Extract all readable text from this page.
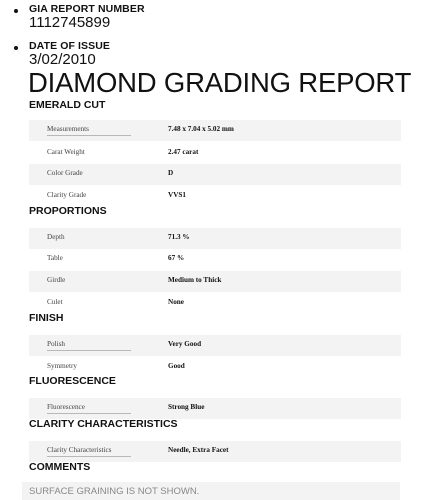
GIA REPORT NUMBER
1112745899
DATE OF ISSUE
3/02/2010
DIAMOND GRADING REPORT
EMERALD CUT
Measurements	7.48 x 7.04 x 5.02 mm
Carat Weight	2.47 carat
Color Grade	D
Clarity Grade	VVS1
PROPORTIONS
Depth	71.3 %
Table	67 %
Girdle	Medium to Thick
Culet	None
FINISH
Polish	Very Good
Symmetry	Good
FLUORESCENCE
Fluorescence	Strong Blue
CLARITY CHARACTERISTICS
Clarity Characteristics	Needle, Extra Facet
COMMENTS
SURFACE GRAINING IS NOT SHOWN.
